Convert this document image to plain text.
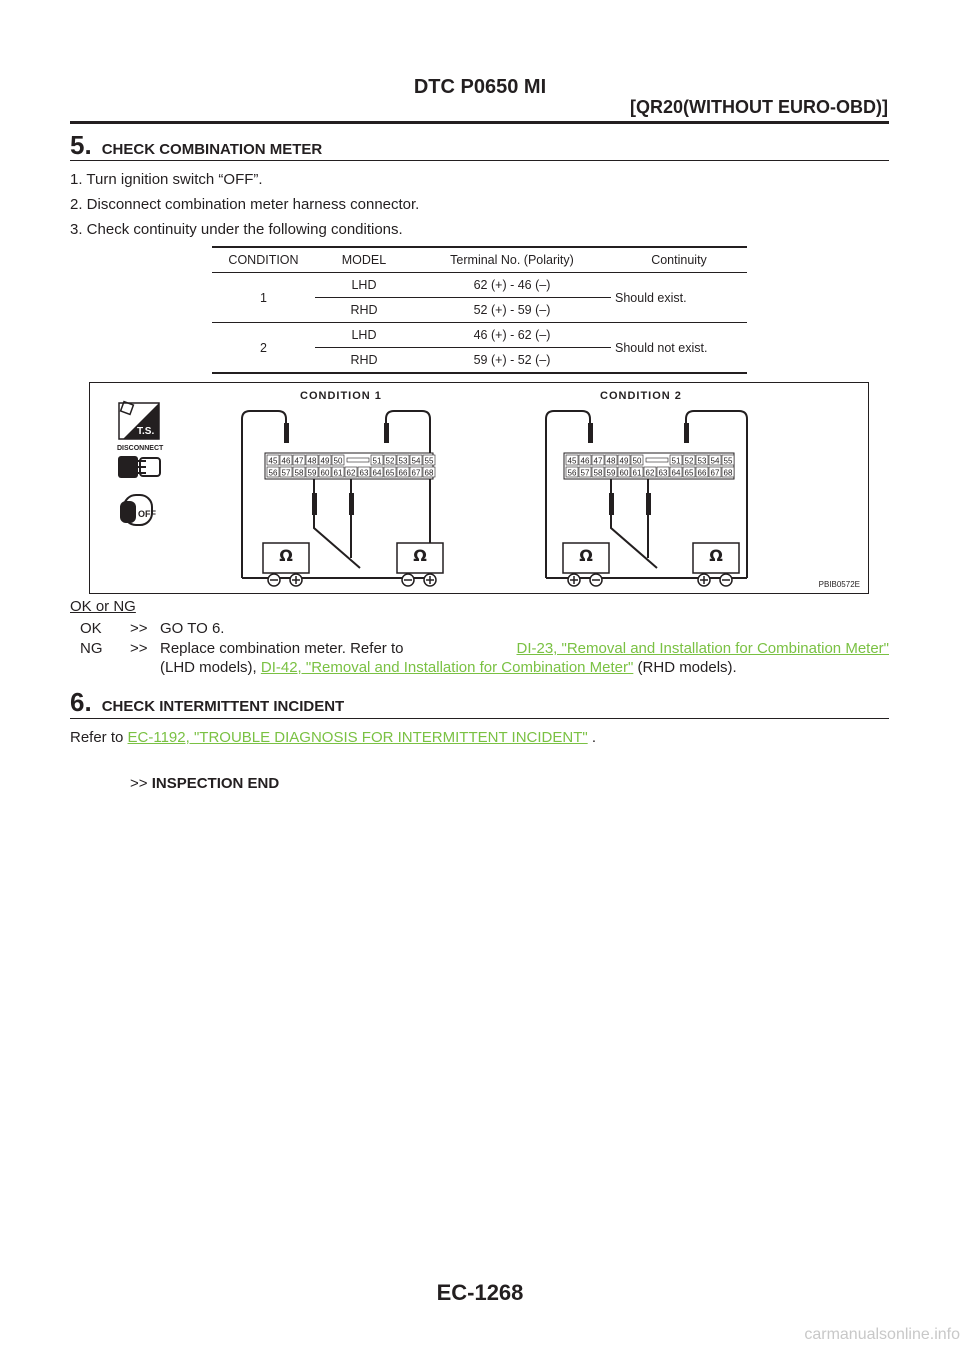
DTC P0650 MI
[QR20(WITHOUT EURO-OBD)]
5 . CHECK COMBINATION METER
1. Turn ignition switch “OFF”.
2. Disconnect combination meter harness connector.
3. Check continuity under the following conditions.
CONDITION	MODEL	Terminal No. (Polarity)	Continuity
1	LHD	62 (+) - 46 (–)	Should exist.
	RHD	52 (+) - 59 (–)	
2	LHD	46 (+) - 62 (–)	Should not exist.
	RHD	59 (+) - 52 (–)	
T.S.
DISCONNECT
OFF
CONDITION 1
45 46 47 48 49 50	51 52 53 54 55
56 57 58 59 60 61 62 63 64 65 66 67 68
Ω	Ω
CONDITION 2
45 46 47 48 49 50	51 52 53 54 55
56 57 58 59 60 61 62 63 64 65 66 67 68
Ω	Ω
PBIB0572E
OK or NG
OK >> GO TO 6.
NG >> Replace combination meter. Refer to	DI-23, "Removal and Installation for Combination Meter"
(LHD models), DI-42, "Removal and Installation for Combination Meter" (RHD models).
6 . CHECK INTERMITTENT INCIDENT
Refer to EC-1192, "TROUBLE DIAGNOSIS FOR INTERMITTENT INCIDENT" .
>> INSPECTION END
EC-1268
carmanualsonline.info
